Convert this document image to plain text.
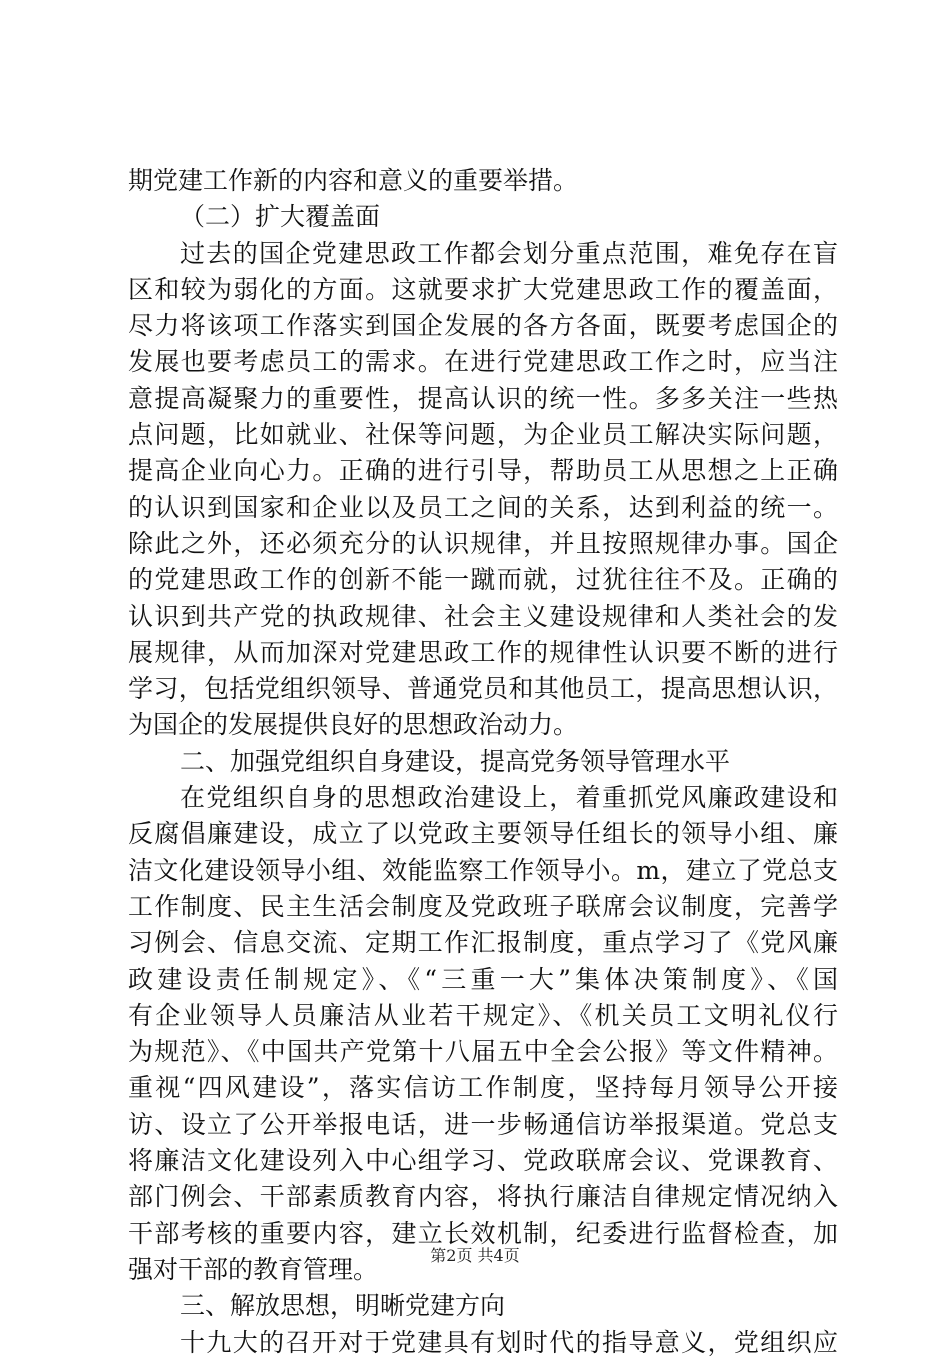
期党建工作新的内容和意义的重要举措。
（二）扩大覆盖面
过去的国企党建思政工作都会划分重点范围，难免存在盲
区和较为弱化的方面。这就要求扩大党建思政工作的覆盖面，
尽力将该项工作落实到国企发展的各方各面，既要考虑国企的
发展也要考虑员工的需求。在进行党建思政工作之时，应当注
意提高凝聚力的重要性，提高认识的统一性。多多关注一些热
点问题，比如就业、社保等问题，为企业员工解决实际问题，
提高企业向心力。正确的进行引导，帮助员工从思想之上正确
的认识到国家和企业以及员工之间的关系，达到利益的统一。
除此之外，还必须充分的认识规律，并且按照规律办事。国企
的党建思政工作的创新不能一蹴而就，过犹往往不及。正确的
认识到共产党的执政规律、社会主义建设规律和人类社会的发
展规律，从而加深对党建思政工作的规律性认识要不断的进行
学习，包括党组织领导、普通党员和其他员工，提高思想认识，
为国企的发展提供良好的思想政治动力。
二、加强党组织自身建设，提高党务领导管理水平
在党组织自身的思想政治建设上，着重抓党风廉政建设和
反腐倡廉建设，成立了以党政主要领导任组长的领导小组、廉
洁文化建设领导小组、效能监察工作领导小。m，建立了党总支
工作制度、民主生活会制度及党政班子联席会议制度，完善学
习例会、信息交流、定期工作汇报制度，重点学习了《党风廉
政建设责任制规定》、《“三重一大”集体决策制度》、《国
有企业领导人员廉洁从业若干规定》、《机关员工文明礼仪行
为规范》、《中国共产党第十八届五中全会公报》等文件精神。
重视“四风建设”，落实信访工作制度，坚持每月领导公开接
访、设立了公开举报电话，进一步畅通信访举报渠道。党总支
将廉洁文化建设列入中心组学习、党政联席会议、党课教育、
部门例会、干部素质教育内容，将执行廉洁自律规定情况纳入
干部考核的重要内容，建立长效机制，纪委进行监督检查，加
强对干部的教育管理。
三、解放思想，明晰党建方向
十九大的召开对于党建具有划时代的指导意义，党组织应
第2页 共4页
